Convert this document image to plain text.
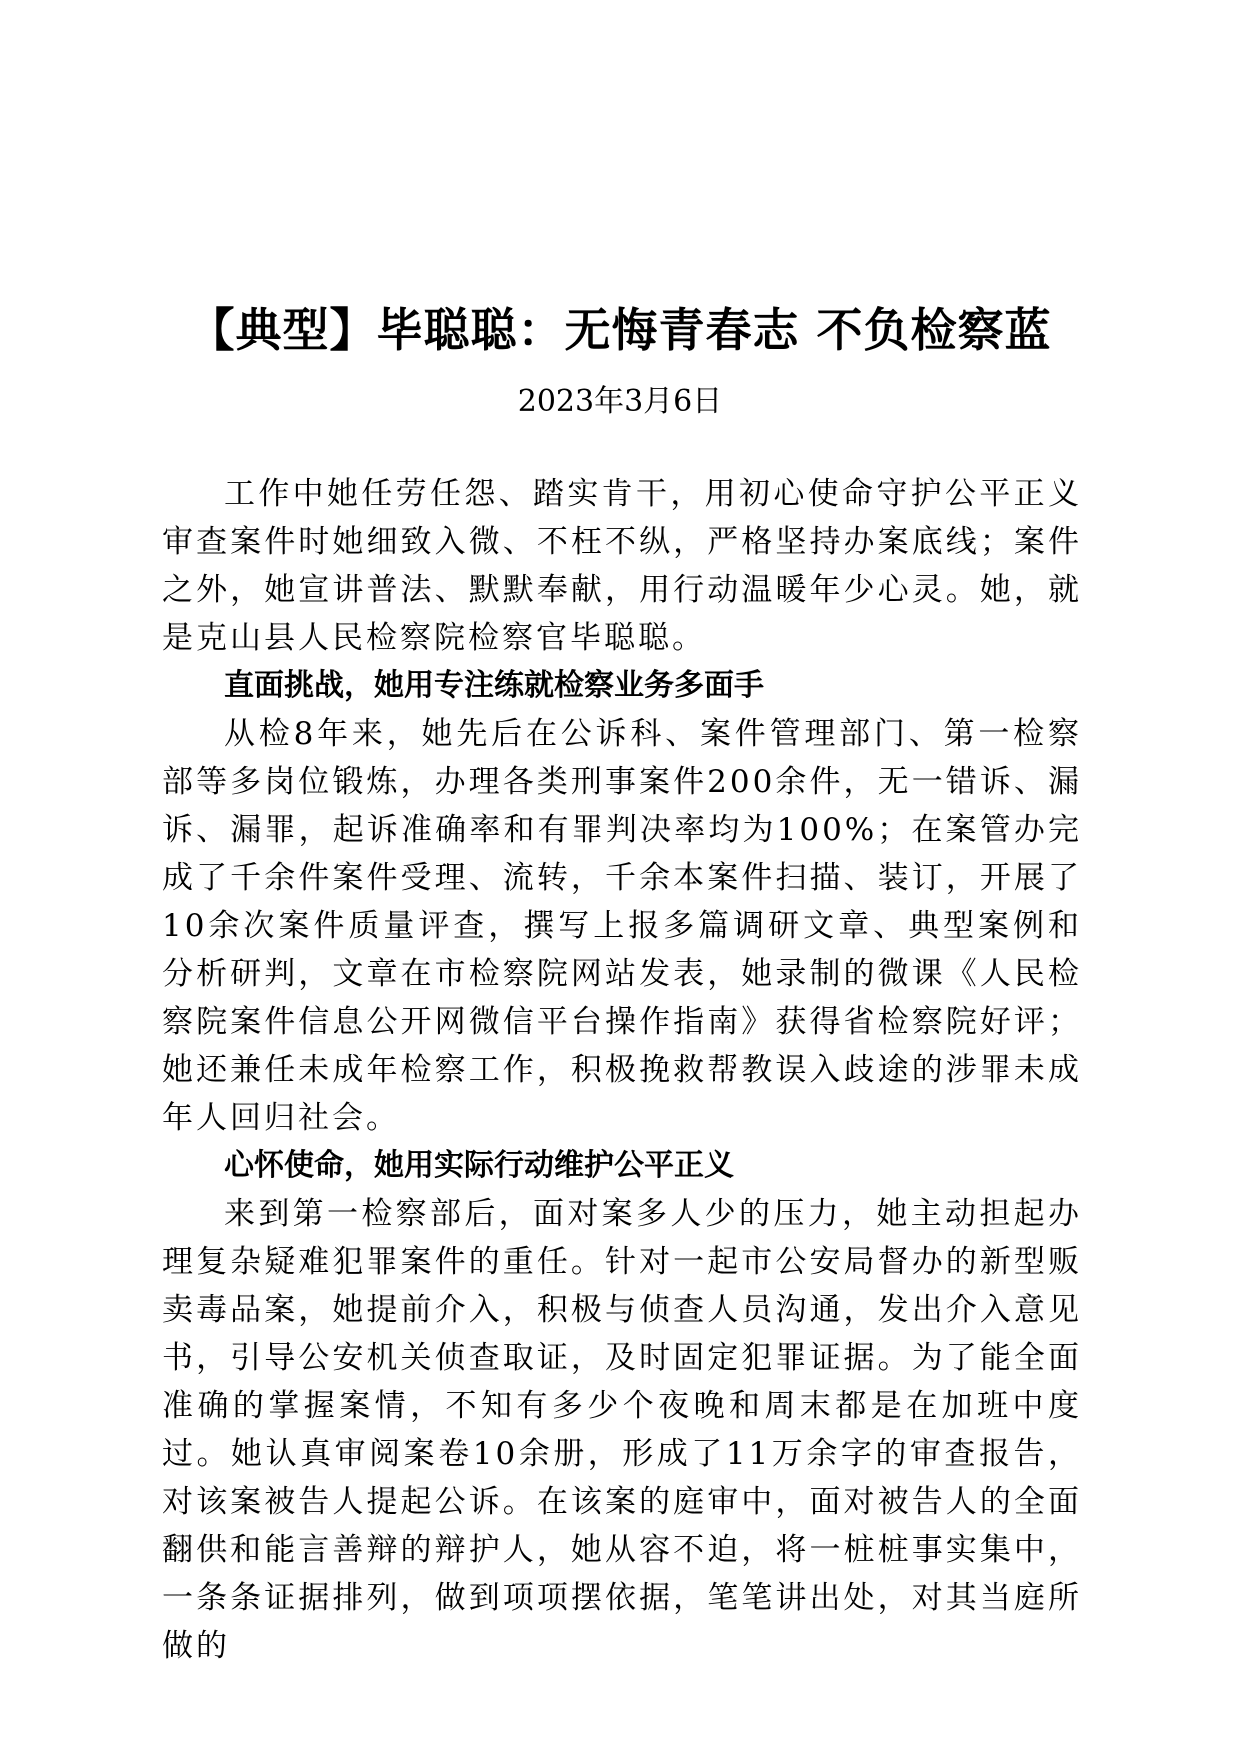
【典型】毕聪聪：无悔青春志 不负检察蓝
2023年3月6日

工作中她任劳任怨、踏实肯干，用初心使命守护公平正义审查案件时她细致入微、不枉不纵，严格坚持办案底线；案件之外，她宣讲普法、默默奉献，用行动温暖年少心灵。她，就是克山县人民检察院检察官毕聪聪。

直面挑战，她用专注练就检察业务多面手

从检8年来，她先后在公诉科、案件管理部门、第一检察部等多岗位锻炼，办理各类刑事案件200余件，无一错诉、漏诉、漏罪，起诉准确率和有罪判决率均为100%；在案管办完成了千余件案件受理、流转，千余本案件扫描、装订，开展了10余次案件质量评查，撰写上报多篇调研文章、典型案例和分析研判，文章在市检察院网站发表，她录制的微课《人民检察院案件信息公开网微信平台操作指南》获得省检察院好评；她还兼任未成年检察工作，积极挽救帮教误入歧途的涉罪未成年人回归社会。

心怀使命，她用实际行动维护公平正义

来到第一检察部后，面对案多人少的压力，她主动担起办理复杂疑难犯罪案件的重任。针对一起市公安局督办的新型贩卖毒品案，她提前介入，积极与侦查人员沟通，发出介入意见书，引导公安机关侦查取证，及时固定犯罪证据。为了能全面准确的掌握案情，不知有多少个夜晚和周末都是在加班中度过。她认真审阅案卷10余册，形成了11万余字的审查报告，对该案被告人提起公诉。在该案的庭审中，面对被告人的全面翻供和能言善辩的辩护人，她从容不迫，将一桩桩事实集中，一条条证据排列，做到项项摆依据，笔笔讲出处，对其当庭所做的
